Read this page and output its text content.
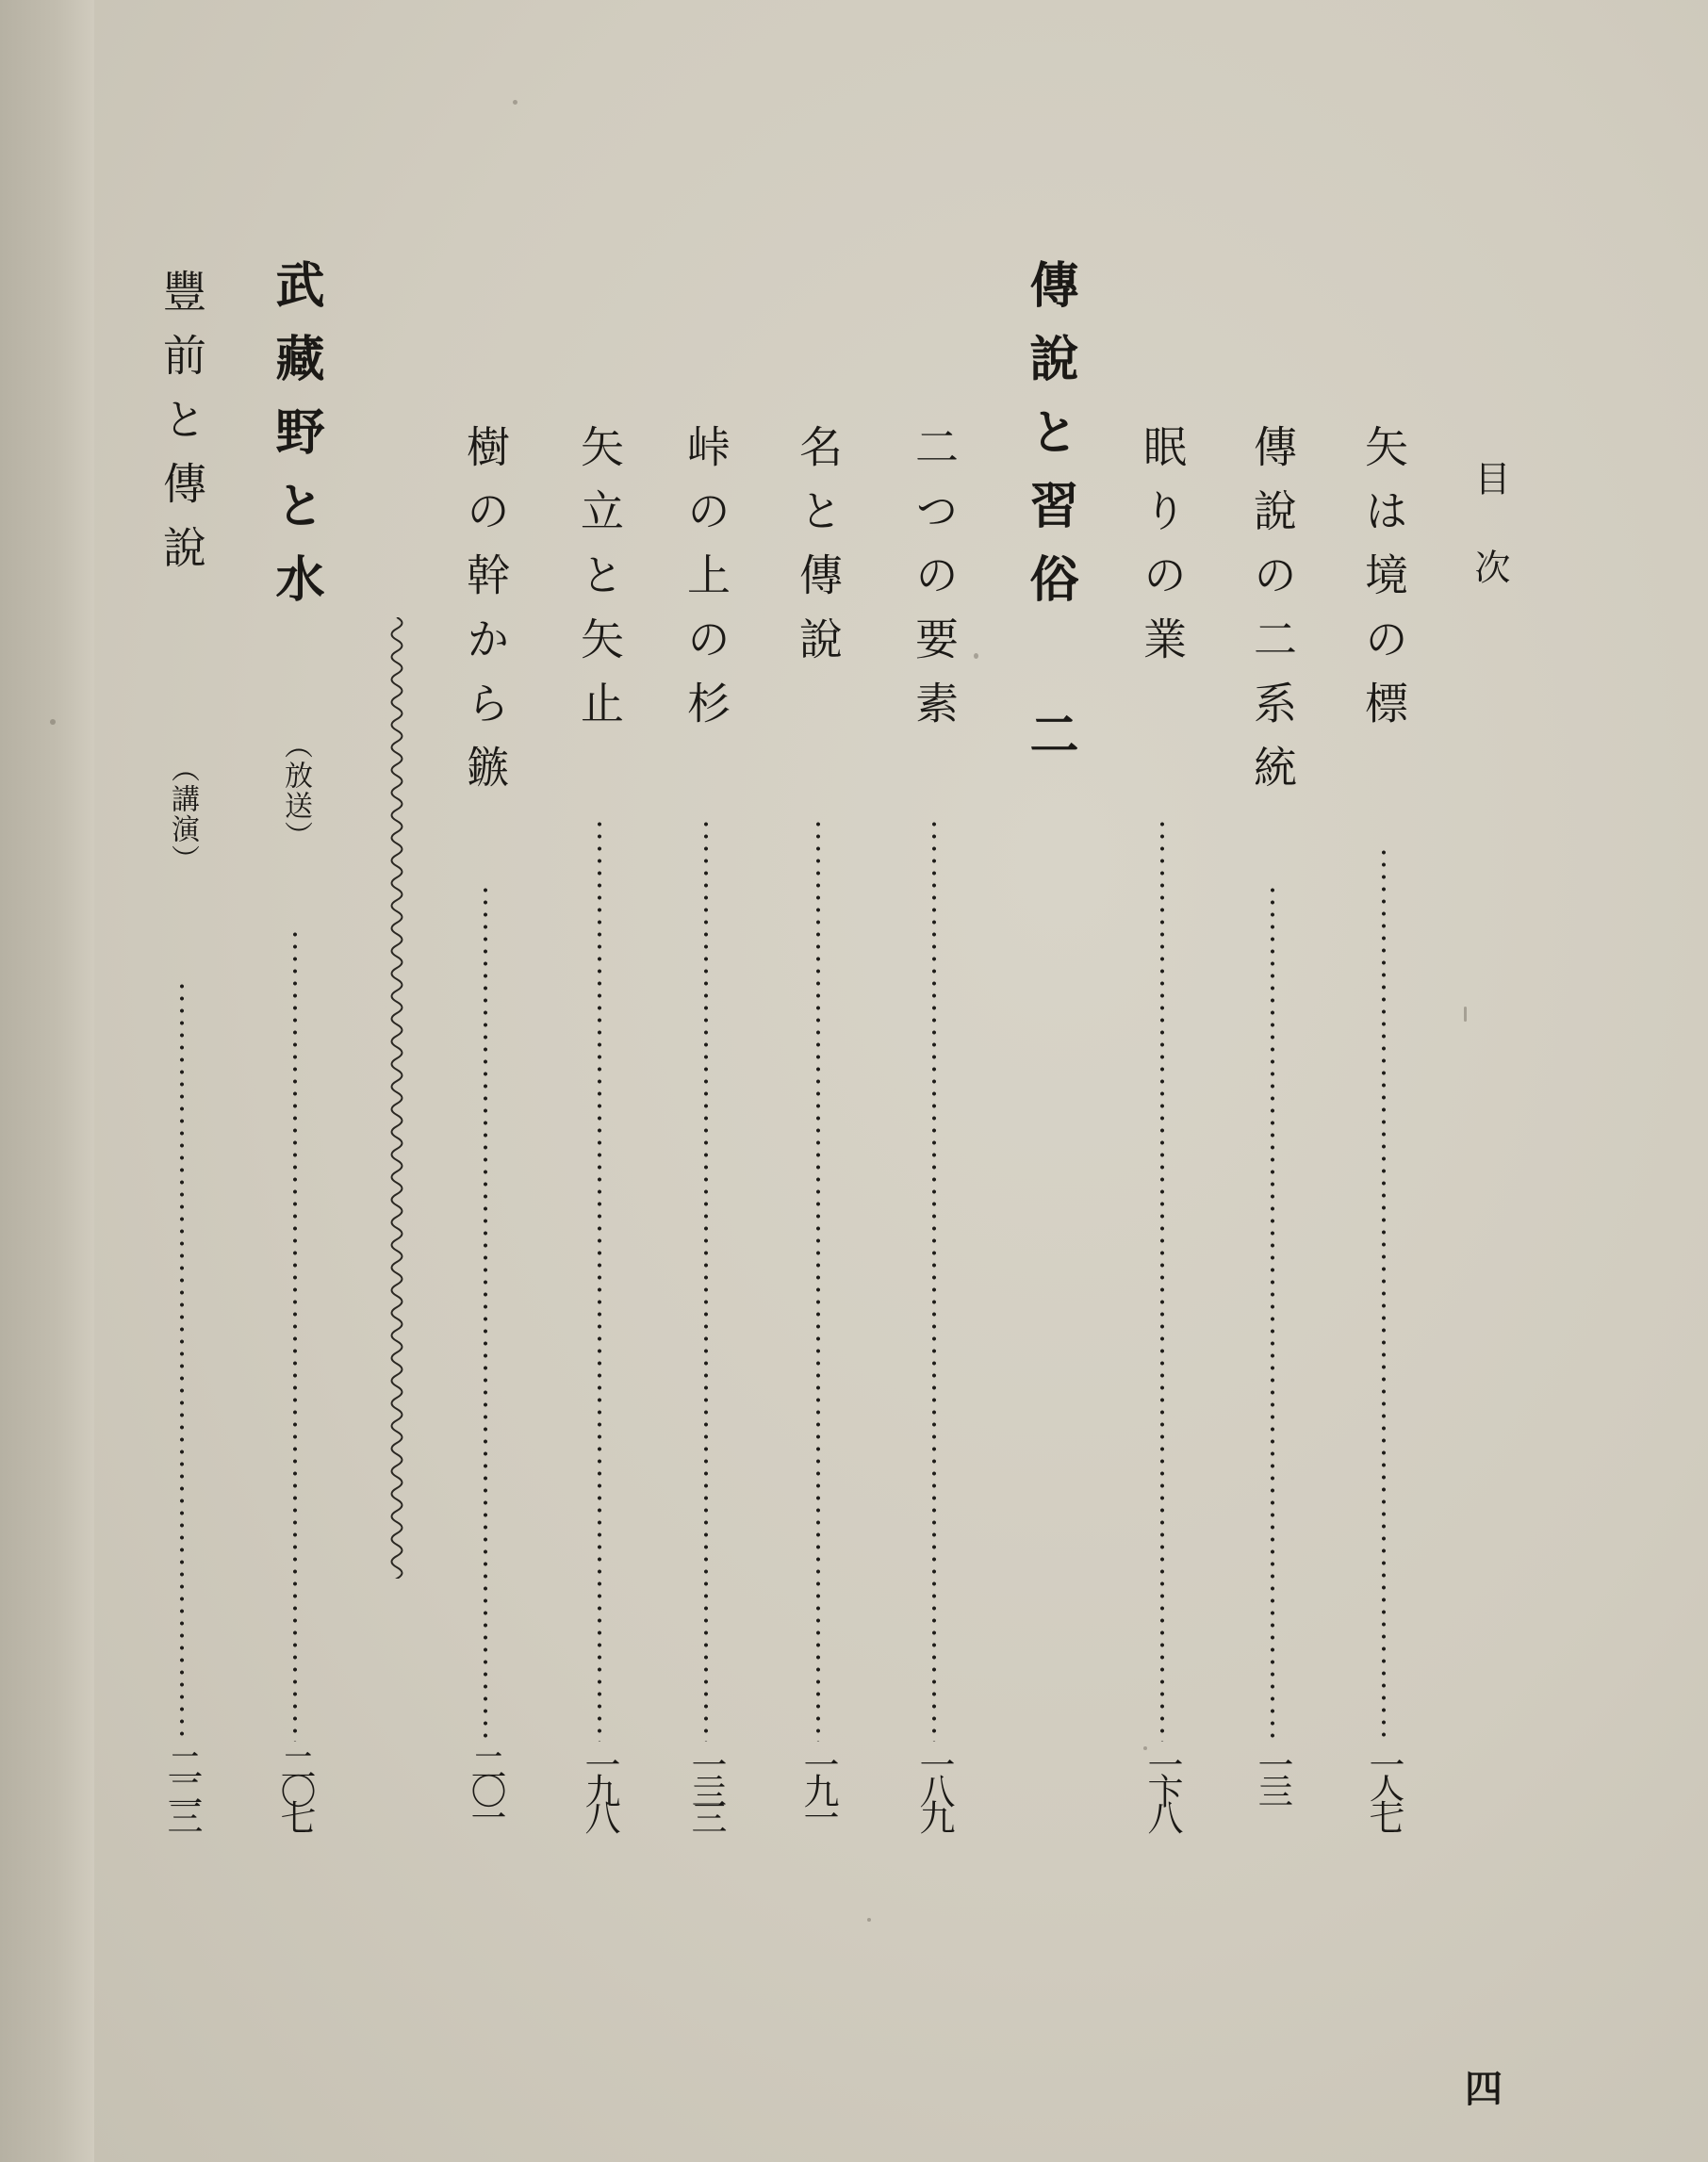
目次
矢は境の標
一亼七
傳說の二系統
一亖
眠りの業
一卞八
傳說と習俗 二
二つの要素
一八九
名と傳說
一九一
峠の上の杉
一亖三
矢立と矢止
一九八
樹の幹から鏃
二〇一
武藏野と水
（放送）
二〇七
豐前と傳說
（講演）
二二三
四
